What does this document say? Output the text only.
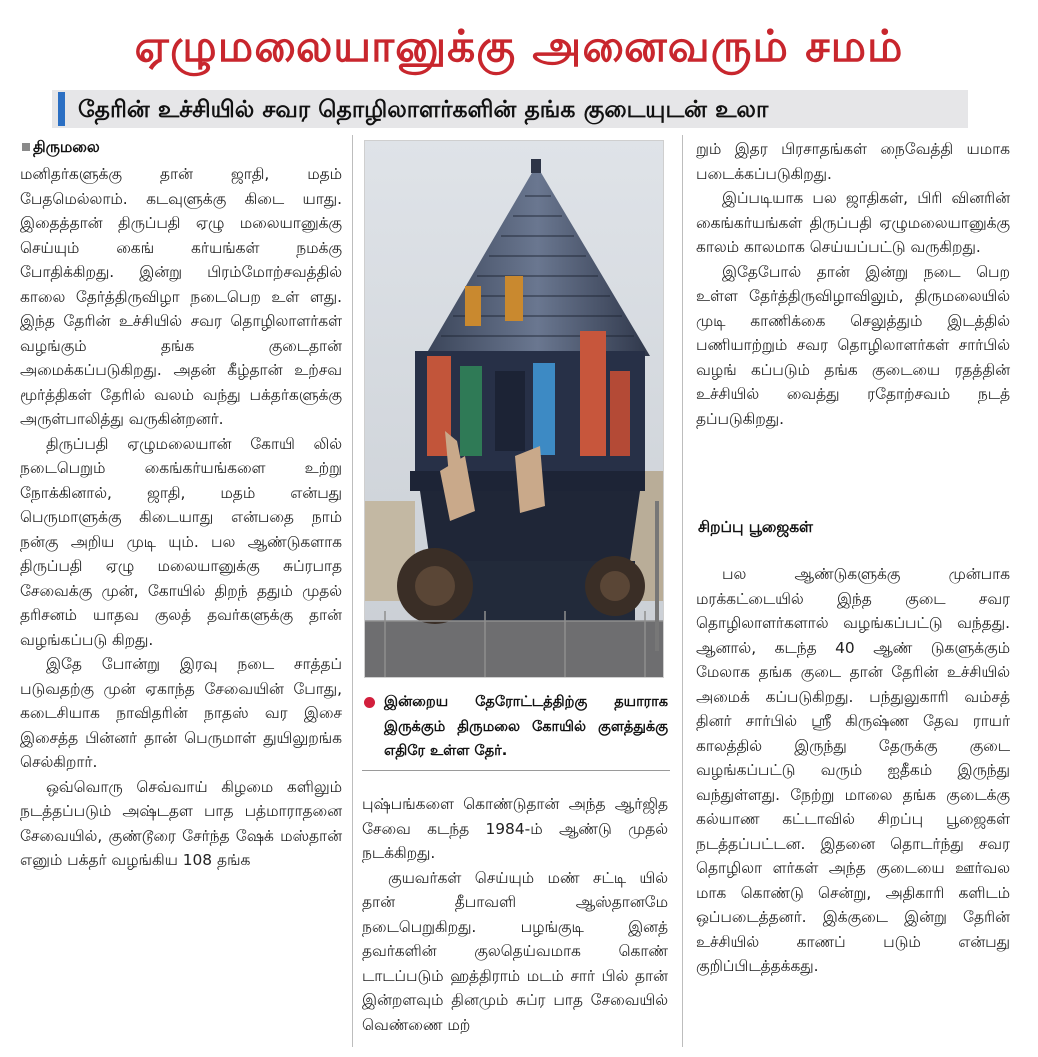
ஏழுமலையானுக்கு அனைவரும் சமம்
தேரின் உச்சியில் சவர தொழிலாளர்களின் தங்க குடையுடன் உலா
திருமலை

மனிதர்களுக்கு தான் ஜாதி, மதம் பேதமெல்லாம். கடவுளுக்கு கிடை யாது. இதைத்தான் திருப்பதி ஏழு மலையானுக்கு செய்யும் கைங் கர்யங்கள் நமக்கு போதிக்கிறது. இன்று பிரம்மோற்சவத்தில் காலை தேர்த்திருவிழா நடைபெற உள் ளது. இந்த தேரின் உச்சியில் சவர தொழிலாளர்கள் வழங்கும் தங்க குடைதான் அமைக்கப்படுகிறது. அதன் கீழ்தான் உற்சவ மூர்த்திகள் தேரில் வலம் வந்து பக்தர்களுக்கு அருள்பாலித்து வருகின்றனர்.

திருப்பதி ஏழுமலையான் கோயி லில் நடைபெறும் கைங்கர்யங்களை உற்று நோக்கினால், ஜாதி, மதம் என்பது பெருமாளுக்கு கிடையாது என்பதை நாம் நன்கு அறிய முடி யும். பல ஆண்டுகளாக திருப்பதி ஏழு மலையானுக்கு சுப்ரபாத சேவைக்கு முன், கோயில் திறந் ததும் முதல் தரிசனம் யாதவ குலத் தவர்களுக்கு தான் வழங்கப்படு கிறது.

இதே போன்று இரவு நடை சாத்தப் படுவதற்கு முன் ஏகாந்த சேவையின் போது, கடைசியாக நாவிதரின் நாதஸ் வர இசை இசைத்த பின்னர் தான் பெருமாள் துயிலுறங்க செல்கிறார்.

ஒவ்வொரு செவ்வாய் கிழமை களிலும் நடத்தப்படும் அஷ்டதள பாத பத்மாராதனை சேவையில், குண்டூரை சேர்ந்த ஷேக் மஸ்தான் எனும் பக்தர் வழங்கிய 108 தங்க

இன்றைய தேரோட்டத்திற்கு தயாராக இருக்கும் திருமலை கோயில் குளத்துக்கு எதிரே உள்ள தேர்.

புஷ்பங்களை கொண்டுதான் அந்த ஆர்ஜித சேவை கடந்த 1984-ம் ஆண்டு முதல் நடக்கிறது.

குயவர்கள் செய்யும் மண் சட்டி யில் தான் தீபாவளி ஆஸ்தானமே நடைபெறுகிறது. பழங்குடி இனத் தவர்களின் குலதெய்வமாக கொண் டாடப்படும் ஹத்திராம் மடம் சார் பில் தான் இன்றளவும் தினமும் சுப்ர பாத சேவையில் வெண்ணை மற்

றும் இதர பிரசாதங்கள் நைவேத்தி யமாக படைக்கப்படுகிறது.

இப்படியாக பல ஜாதிகள், பிரி வினரின் கைங்கர்யங்கள் திருப்பதி ஏழுமலையானுக்கு காலம் காலமாக செய்யப்பட்டு வருகிறது.

இதேபோல் தான் இன்று நடை பெற உள்ள தேர்த்திருவிழாவிலும், திருமலையில் முடி காணிக்கை செலுத்தும் இடத்தில் பணியாற்றும் சவர தொழிலாளர்கள் சார்பில் வழங் கப்படும் தங்க குடையை ரதத்தின் உச்சியில் வைத்து ரதோற்சவம் நடத் தப்படுகிறது.

சிறப்பு பூஜைகள்

பல ஆண்டுகளுக்கு முன்பாக மரக்கட்டையில் இந்த குடை சவர தொழிலாளர்களால் வழங்கப்பட்டு வந்தது. ஆனால், கடந்த 40 ஆண் டுகளுக்கும் மேலாக தங்க குடை தான் தேரின் உச்சியில் அமைக் கப்படுகிறது. பந்துலுகாரி வம்சத் தினர் சார்பில் ஸ்ரீ கிருஷ்ண தேவ ராயர் காலத்தில் இருந்து தேருக்கு குடை வழங்கப்பட்டு வரும் ஐதீகம் இருந்து வந்துள்ளது. நேற்று மாலை தங்க குடைக்கு கல்யாண கட்டாவில் சிறப்பு பூஜைகள் நடத்தப்பட்டன. இதனை தொடர்ந்து சவர தொழிலா ளர்கள் அந்த குடையை ஊர்வல மாக கொண்டு சென்று, அதிகாரி களிடம் ஒப்படைத்தனர். இக்குடை இன்று தேரின் உச்சியில் காணப் படும் என்பது குறிப்பிடத்தக்கது.
